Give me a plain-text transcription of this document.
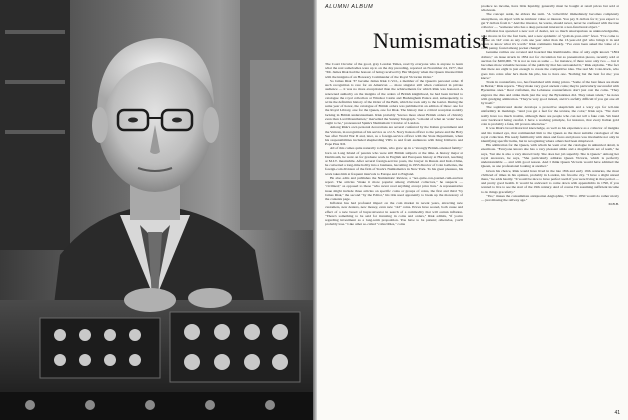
ALUMNI ALBUM
Numismatist

The Court Circular of the good, gray London Times, read by everyone who is anyone to learn what the real somebodies were up to on the day preceding, reported on November 24, 1977, that "Mr. James Risk had the honour of being received by Her Majesty when the Queen invested him with the insignia of an Honorary Commander of the Royal Victorian Order."

So James Risk '37 became James Risk C.V.O., a member of the Queen's personal order. If such recognition is rare for an American — more singular still when conferred in private audience — it was no more exceptional than the achievements for which Risk was honored. A renowned authority on the insignia of the orders of British knighthood, he had been invited to catalogue the royal collection at Windsor Castle and Buckingham Palace and, subsequently, to write the definitive history of the Order of the Bath, which he took only to the Garter. During the same year of honor, the catalogue of British orders was published in an edition of three: one for the Royal Library, one for the Queen, one for Risk. The history met a critical reception notably lacking in British understatement. Risk probably "knows more about British orders of chivalry even than Lord Mountbatten," marvelled the Sunday Telegraph. "a model of what an 'order' book ought to be," pronounced Spink's Numismatic Circular of London.

Among Risk's own personal decorations are several conferred by the Italian government and the Vatican, in recognition of his service as a U.S. Navy liaison officer to the palace and the Holy See after World War II and, later, as a foreign-service officer with the State Department, when his responsibilities included shepherding VIPs to and from audiences with King Umberto and Pope Pius XII.

All of this comes quite naturally to Risk, who grew up in a "strongly British-oriented family," born on Long Island of parents who were still British subjects at the time. A history major at Dartmouth, he went on for graduate work in English and European history at Harvard, teaching at M.I.T. meanwhile. After several foreign-service posts, the lawyer in Russia and Indo-China, he converted a long-time hobby into a business, becoming in 1953 director of Coin Galleries, the foreign-coin division of the firm of Stack's Numismatics in New York. To his great pleasure, his work takes him at frequent intervals to Europe and to England.

He also edits and publishes the Numismatic Review, a "not-quite-con-journal-cum-auction report. The articles "make it more popular among civilized collectors," he suspects — "civilized," as opposed to those "who never read anything except price lists." A representative issue might include three articles on specific coins or groups of coins, the first and third "by James Risk," the second "by the Editor," his title used apparently to break up the monotony of the contents page.

Inflation has had profound impact on the coin market in recent years, attracting new customers, new dealers, new money, even new "old" coins. Prices have soared, both cause and effect of a new breed of buyer-investor in search of a commodity that will outrun inflation. "There's something to be said for investing in coins and orders," Risk admits, "if you're regarding investment as a long-term proposition. You have to be patient; otherwise, you'll probably lose." Like other so-called "collectibles," coins

produce no income, have little liquidity, generally must be bought at retail prices but sold at wholesale.

The concept aside, he abhors the term. "A 'collectible' immediately becomes completely anonymous, an object with no intrinsic value or interest. You pay X dollars for it; you expect to get Y dollars from it." And the investor, he warns, should never, never be confused with the true collector — "someone who has a deep personal interest in a non-functional object."

Inflation has spawned a new sort of dealer, not so much unscrupulous as unknowledgeable, who moves in for the fast buck, and a new epidemic of "gold-in-your-attic" fever. "I've come to define an 'old' coin as any coin one year older than the 13-year-old girl who brings it in and wants to know what it's worth." Risk comments bleakly. "I've even been asked the value of a 1959 penny, found among pocket change!"

Genuine rarities are coveted and hoarded like Rembrandts. One of only eight known "1804 dollars," an issue struck in 1834 not for circulation but as presentation pieces, recently sold at auction for $200,000. "It is not as rare as some — for instance, if there were only two — but it becomes more valuable because of the publicity that has surrounded it," Risk explains. "The fact that there are eight is just enough to create the competitive idea. The real Mr. Coin-Rock, who goes into coins after he's made his pile, has to have one. 'Nothing but the best for me,' you know."

Trade in counterfeits, too, has flourished with rising prices. "Some of the best fakes are made in Beirut," Risk reports. "They make very good ancient coins; they're particularly successful with Byzantine ones." Real craftsmen, the Lebanese counterfeiters don't just cast the coins. "They engrave the dies and strike them just the way the Byzantines did. They taken talent," he notes with grudging admiration. "They're very good indeed, and it's awfully difficult if you get one all by itself."

The sophisticated dealer develops a protective skepticism and a wary eye for tell-tale uniformity in markings. "And you get a feel for the texture, the color," Risk says. "We don't really have too much trouble, although there are people who can not tell a fake coin. We hand over backward being careful. I have a working principle, for instance, that every Italian gold coin is probably a fake, till proven otherwise."

It was Risk's broad historical knowledge, as well as his experience as a collector of insignia and his trained eye, that commended him to the Queen as the most suitable cataloguer of the royal collection. His ready familiarity with dates and faces and places was invaluable not only in identifying specific items, but in recognizing where others had been misplaced.

His admiration for the Queen, with whom he went over the catalogue in unhurried detail, is enormous. "Everyone knows she has a very pleasant smile and a magnificent set of teeth," he says, "but she is also a very shrewd lady. She does her job superbly. She is Queen." Among her royal ancestors, he says, "She particularly admires Queen Victoria, which is perfectly understandable — and with good reason. And I think Queen Victoria would have admired the Queen, as one professional looking at another."

Given his choice, Risk would have lived in the late 18th and early 19th centuries, the most civilized of times in his opinion, probably in London, his favorite city. "I have a slight unreal there," he adds hastily. "It would be nice to have perfect teeth if you were living in that period — and pretty good health. It would be awkward to come down with appendicitis in 1790, if you wanted to live to see the start of the 19th century. And of course I'm assuming sufficient income to do things gracefully."

"Yes," muses the consummate antiquarian Anglophile, "1780 to 1850 would do rather nicely — just missing the railway age."

M.B.B.

41
